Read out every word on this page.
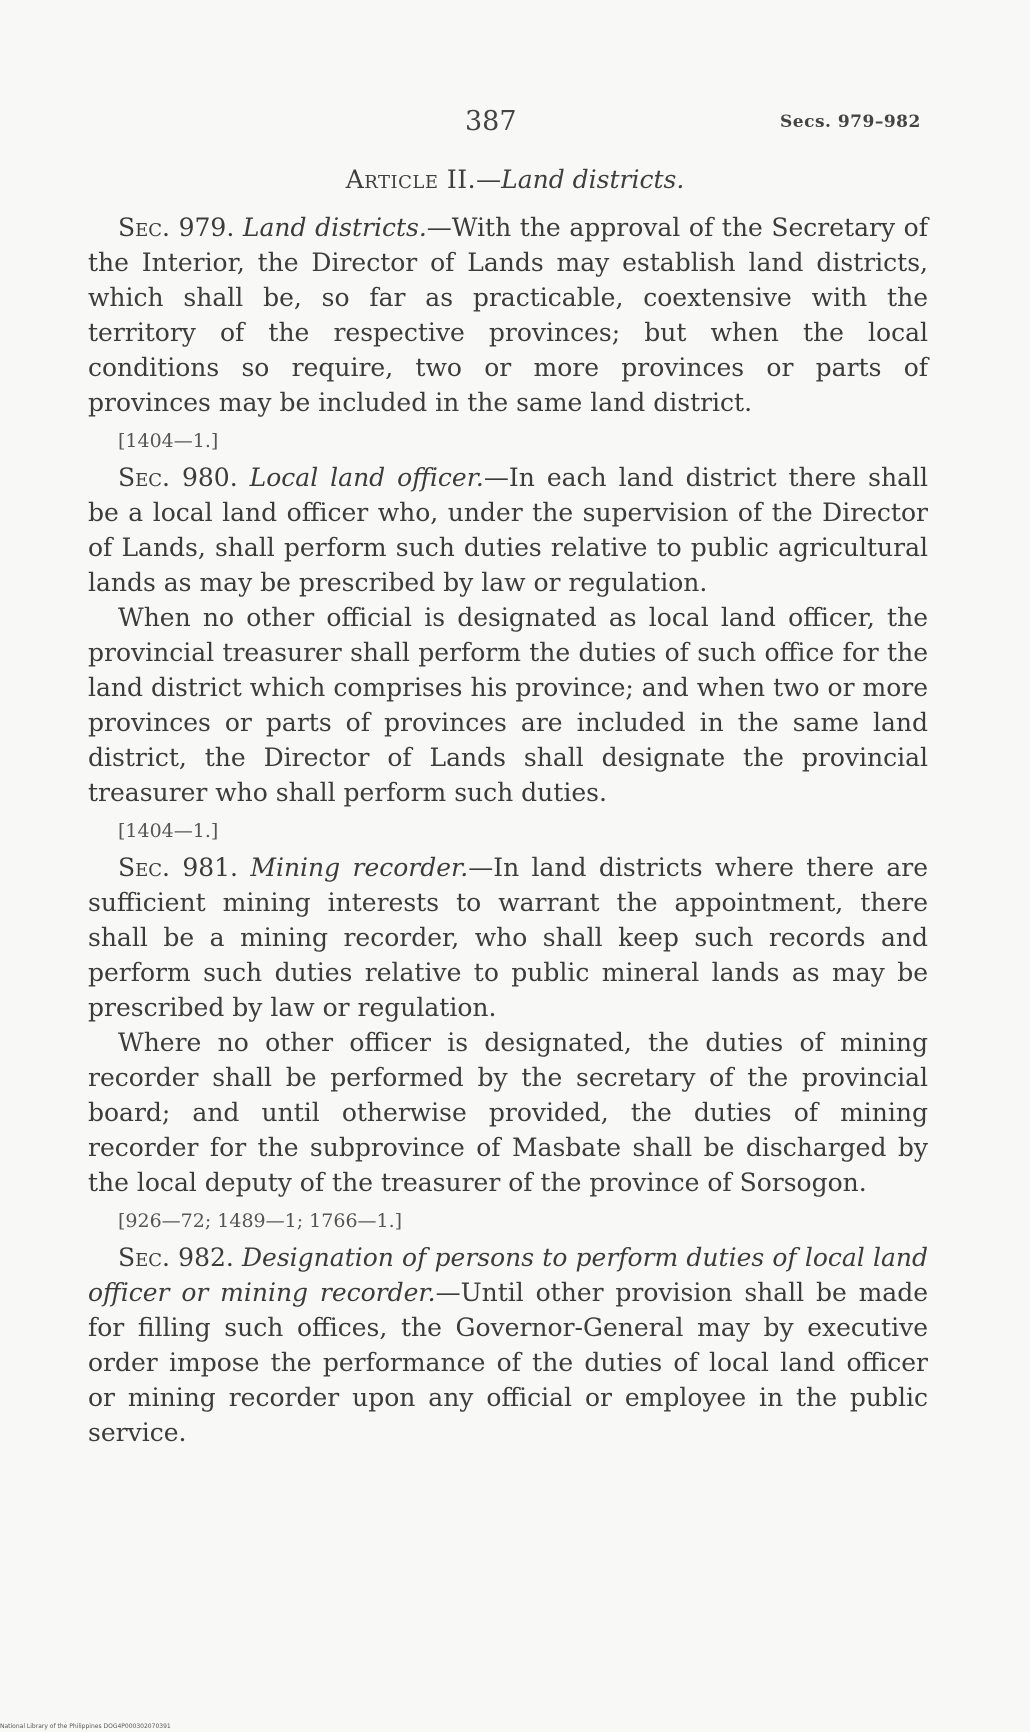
387	Secs. 979–982
Article II.—Land districts.

Sec. 979. Land districts.—With the approval of the Secretary of the Interior, the Director of Lands may establish land districts, which shall be, so far as practicable, coextensive with the territory of the respective provinces; but when the local conditions so require, two or more provinces or parts of provinces may be included in the same land district.

[1404—1.]

Sec. 980. Local land officer.—In each land district there shall be a local land officer who, under the supervision of the Director of Lands, shall perform such duties relative to public agricultural lands as may be prescribed by law or regulation.

When no other official is designated as local land officer, the provincial treasurer shall perform the duties of such office for the land district which comprises his province; and when two or more provinces or parts of provinces are included in the same land district, the Director of Lands shall designate the provincial treasurer who shall perform such duties.

[1404—1.]

Sec. 981. Mining recorder.—In land districts where there are sufficient mining interests to warrant the appointment, there shall be a mining recorder, who shall keep such records and perform such duties relative to public mineral lands as may be prescribed by law or regulation.

Where no other officer is designated, the duties of mining recorder shall be performed by the secretary of the provincial board; and until otherwise provided, the duties of mining recorder for the subprovince of Masbate shall be discharged by the local deputy of the treasurer of the province of Sorsogon.

[926—72; 1489—1; 1766—1.]

Sec. 982. Designation of persons to perform duties of local land officer or mining recorder.—Until other provision shall be made for filling such offices, the Governor-General may by executive order impose the performance of the duties of local land officer or mining recorder upon any official or employee in the public service.

National Library of the Philippines DOG4P000302070391
